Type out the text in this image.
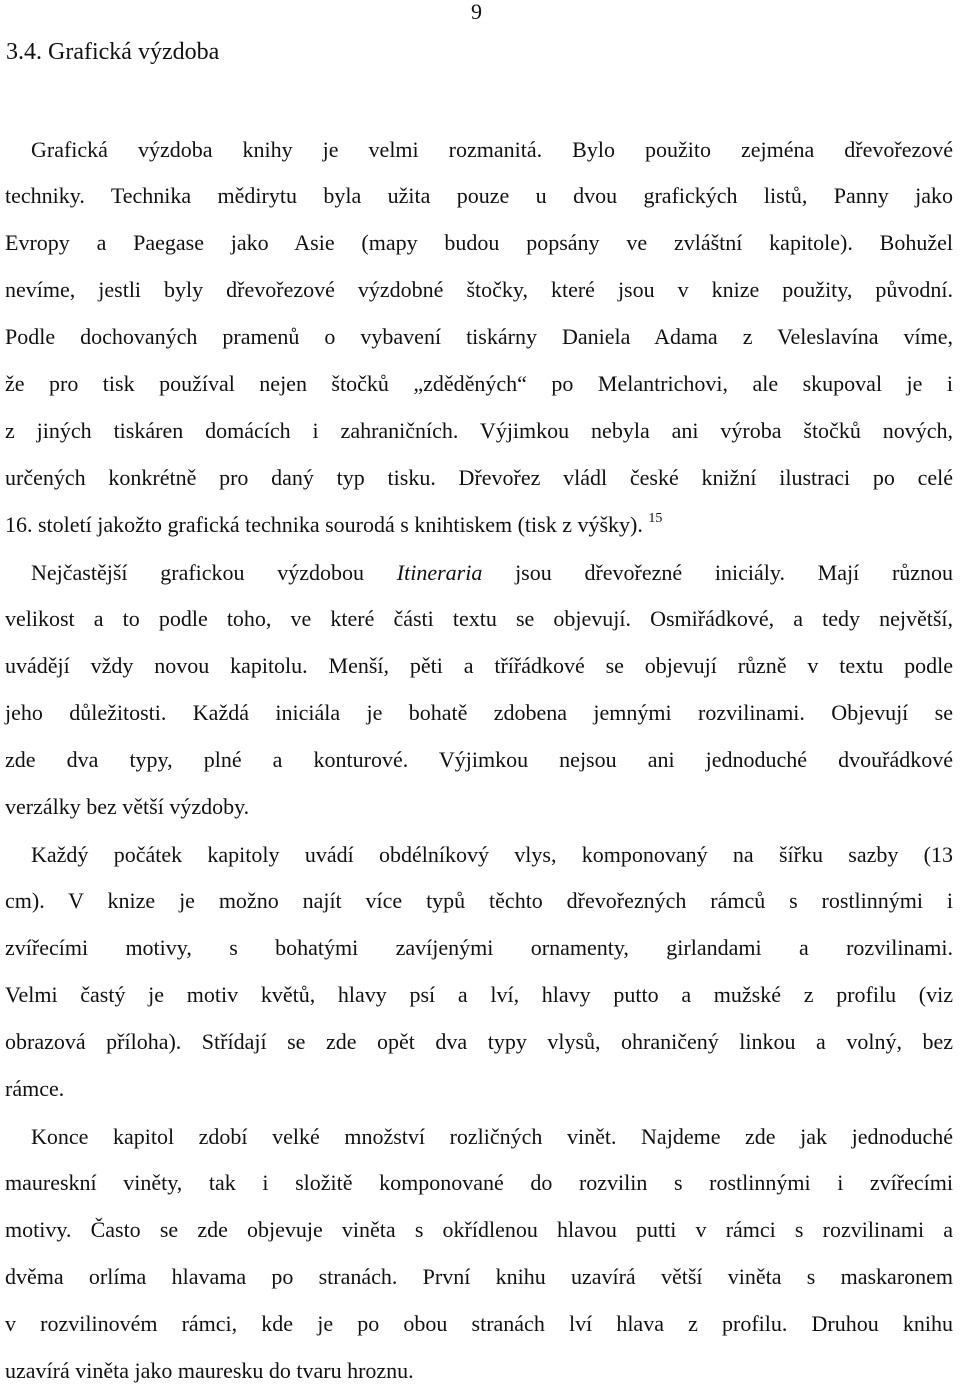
9
3.4. Grafická výzdoba
Grafická výzdoba knihy je velmi rozmanitá. Bylo použito zejména dřevořezové
techniky. Technika mědirytu byla užita pouze u dvou grafických listů, Panny jako
Evropy a Paegase jako Asie (mapy budou popsány ve zvláštní kapitole). Bohužel
nevíme, jestli byly dřevořezové výzdobné štočky, které jsou v knize použity, původní.
Podle dochovaných pramenů o vybavení tiskárny Daniela Adama z Veleslavína víme,
že pro tisk používal nejen štočků „zděděných“ po Melantrichovi, ale skupoval je i
z jiných tiskáren domácích i zahraničních. Výjimkou nebyla ani výroba štočků nových,
určených konkrétně pro daný typ tisku. Dřevořez vládl české knižní ilustraci po celé
16. století jakožto grafická technika sourodá s knihtiskem (tisk z výšky). $^{15}$
Nejčastější grafickou výzdobou Itineraria jsou dřevořezné iniciály. Mají různou
velikost a to podle toho, ve které části textu se objevují. Osmiřádkové, a tedy největší,
uvádějí vždy novou kapitolu. Menší, pěti a třířádkové se objevují různě v textu podle
jeho důležitosti. Každá iniciála je bohatě zdobena jemnými rozvilinami. Objevují se
zde dva typy, plné a konturové. Výjimkou nejsou ani jednoduché dvouřádkové
verzálky bez větší výzdoby.
Každý počátek kapitoly uvádí obdélníkový vlys, komponovaný na šířku sazby (13
cm). V knize je možno najít více typů těchto dřevořezných rámců s rostlinnými i
zvířecími motivy, s bohatými zavíjenými ornamenty, girlandami a rozvilinami.
Velmi častý je motiv květů, hlavy psí a lví, hlavy putto a mužské z profilu (viz
obrazová příloha). Střídají se zde opět dva typy vlysů, ohraničený linkou a volný, bez
rámce.
Konce kapitol zdobí velké množství rozličných vinět. Najdeme zde jak jednoduché
maureskní viněty, tak i složitě komponované do rozvilin s rostlinnými i zvířecími
motivy. Často se zde objevuje viněta s okřídlenou hlavou putti v rámci s rozvilinami a
dvěma orlíma hlavama po stranách. První knihu uzavírá větší viněta s maskaronem
v rozvilinovém rámci, kde je po obou stranách lví hlava z profilu. Druhou knihu
uzavírá viněta jako mauresku do tvaru hroznu.
